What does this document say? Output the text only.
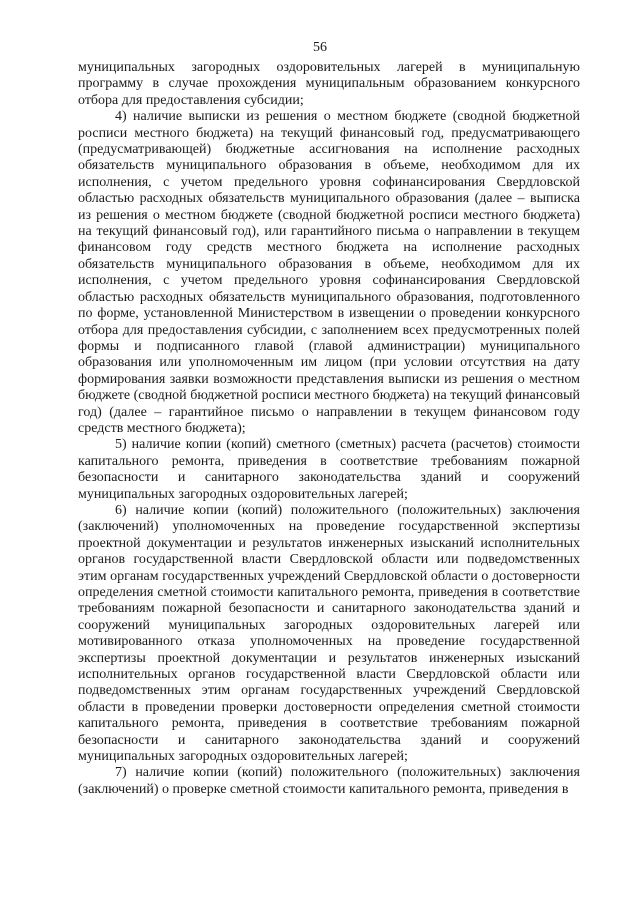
56

муниципальных загородных оздоровительных лагерей в муниципальную программу в случае прохождения муниципальным образованием конкурсного отбора для предоставления субсидии;

4) наличие выписки из решения о местном бюджете (сводной бюджетной росписи местного бюджета) на текущий финансовый год, предусматривающего (предусматривающей) бюджетные ассигнования на исполнение расходных обязательств муниципального образования в объеме, необходимом для их исполнения, с учетом предельного уровня софинансирования Свердловской областью расходных обязательств муниципального образования (далее – выписка из решения о местном бюджете (сводной бюджетной росписи местного бюджета) на текущий финансовый год), или гарантийного письма о направлении в текущем финансовом году средств местного бюджета на исполнение расходных обязательств муниципального образования в объеме, необходимом для их исполнения, с учетом предельного уровня софинансирования Свердловской областью расходных обязательств муниципального образования, подготовленного по форме, установленной Министерством в извещении о проведении конкурсного отбора для предоставления субсидии, с заполнением всех предусмотренных полей формы и подписанного главой (главой администрации) муниципального образования или уполномоченным им лицом (при условии отсутствия на дату формирования заявки возможности представления выписки из решения о местном бюджете (сводной бюджетной росписи местного бюджета) на текущий финансовый год) (далее – гарантийное письмо о направлении в текущем финансовом году средств местного бюджета);

5) наличие копии (копий) сметного (сметных) расчета (расчетов) стоимости капитального ремонта, приведения в соответствие требованиям пожарной безопасности и санитарного законодательства зданий и сооружений муниципальных загородных оздоровительных лагерей;

6) наличие копии (копий) положительного (положительных) заключения (заключений) уполномоченных на проведение государственной экспертизы проектной документации и результатов инженерных изысканий исполнительных органов государственной власти Свердловской области или подведомственных этим органам государственных учреждений Свердловской области о достоверности определения сметной стоимости капитального ремонта, приведения в соответствие требованиям пожарной безопасности и санитарного законодательства зданий и сооружений муниципальных загородных оздоровительных лагерей или мотивированного отказа уполномоченных на проведение государственной экспертизы проектной документации и результатов инженерных изысканий исполнительных органов государственной власти Свердловской области или подведомственных этим органам государственных учреждений Свердловской области в проведении проверки достоверности определения сметной стоимости капитального ремонта, приведения в соответствие требованиям пожарной безопасности и санитарного законодательства зданий и сооружений муниципальных загородных оздоровительных лагерей;

7) наличие копии (копий) положительного (положительных) заключения (заключений) о проверке сметной стоимости капитального ремонта, приведения в
